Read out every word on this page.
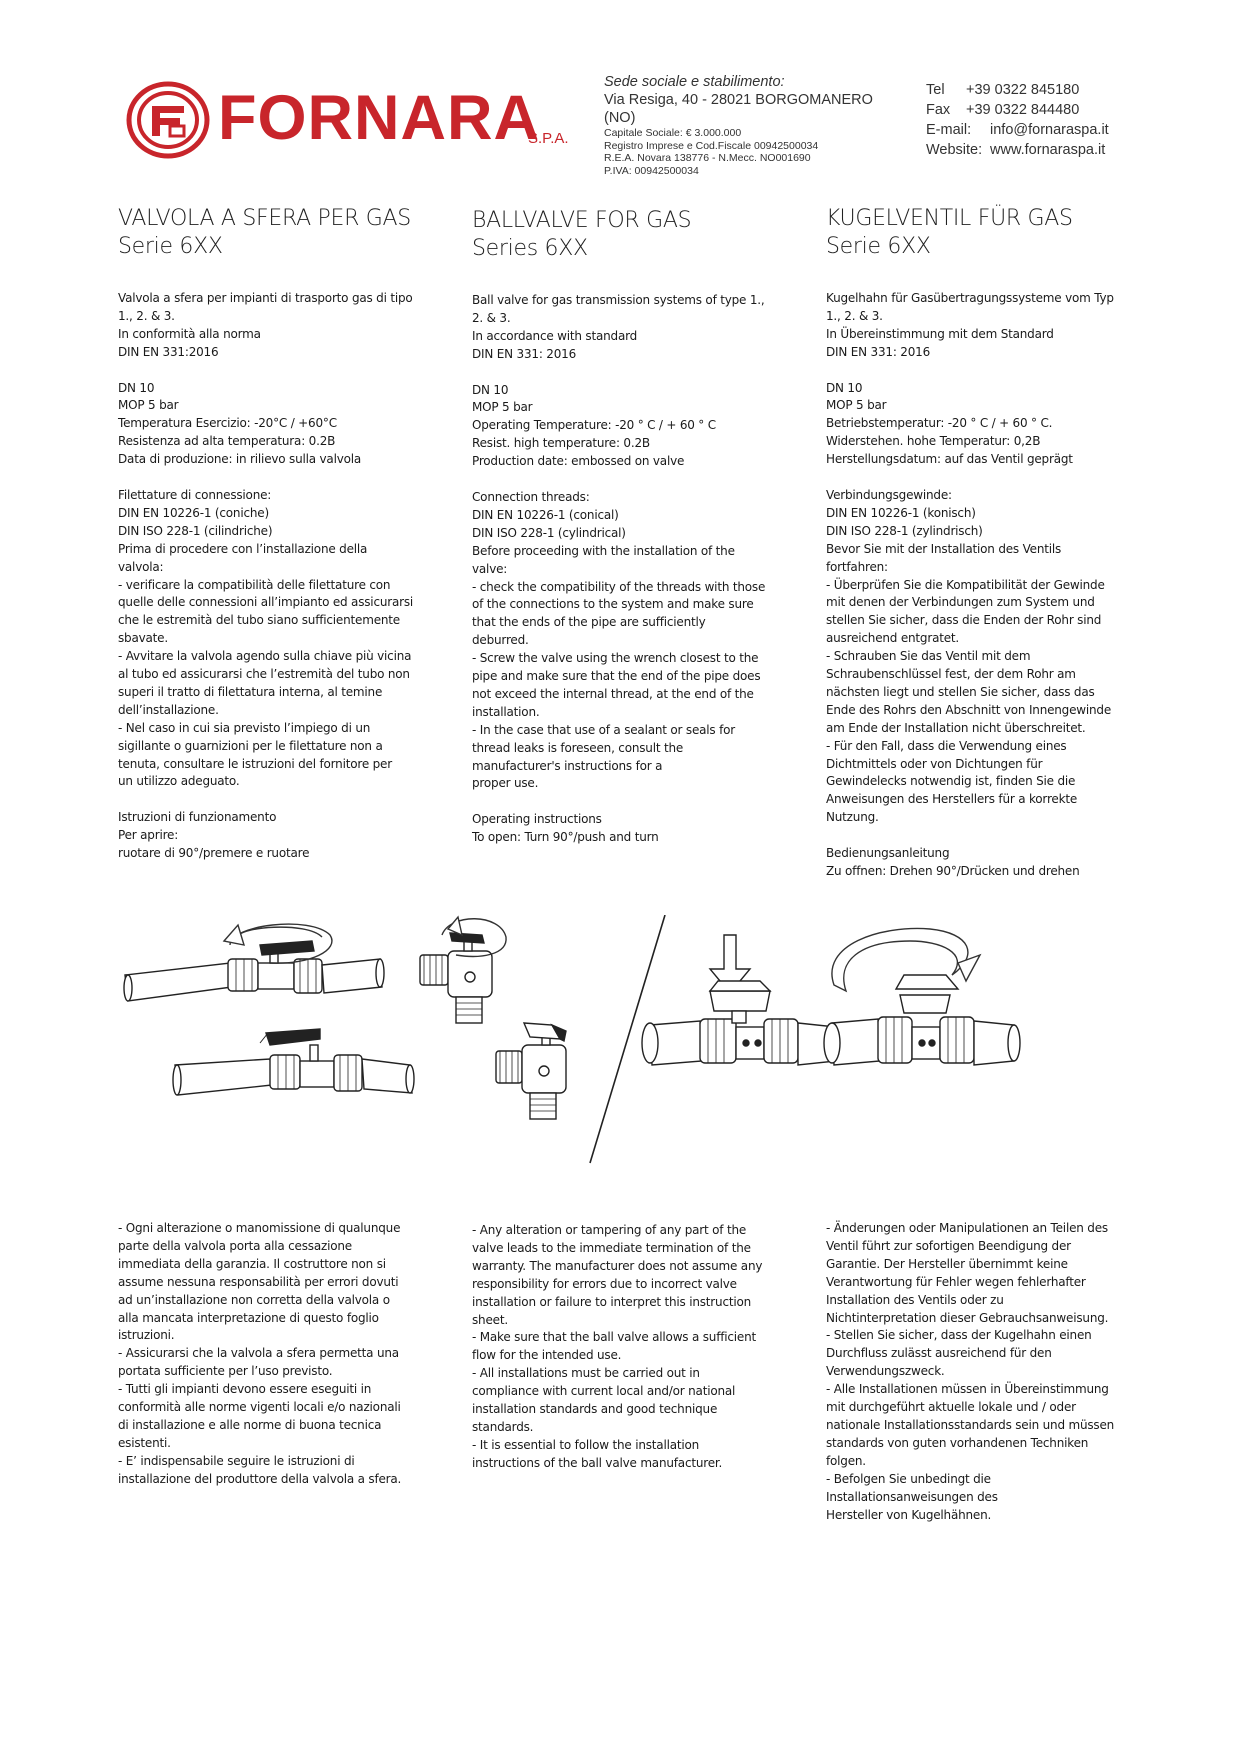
FORNARA
S.P.A.
Sede sociale e stabilimento:
Via Resiga, 40 - 28021 BORGOMANERO (NO)
Capitale Sociale: € 3.000.000
Registro Imprese e Cod.Fiscale 00942500034
R.E.A. Novara 138776 - N.Mecc. NO001690
P.IVA: 00942500034
Tel +39 0322 845180
Fax +39 0322 844480
E-mail: info@fornaraspa.it
Website: www.fornaraspa.it
VALVOLA A SFERA PER GAS
Serie 6XX
Valvola a sfera per impianti di trasporto gas di tipo
1., 2. & 3.
In conformità alla norma
DIN EN 331:2016

DN 10
MOP 5 bar
Temperatura Esercizio: -20°C / +60°C
Resistenza ad alta temperatura: 0.2B
Data di produzione: in rilievo sulla valvola

Filettature di connessione:
DIN EN 10226-1 (coniche)
DIN ISO 228-1 (cilindriche)
Prima di procedere con l’installazione della
valvola:
- verificare la compatibilità delle filettature con
quelle delle connessioni all’impianto ed assicurarsi
che le estremità del tubo siano sufficientemente
sbavate.
- Avvitare la valvola agendo sulla chiave più vicina
al tubo ed assicurarsi che l’estremità del tubo non
superi il tratto di filettatura interna, al temine
dell’installazione.
- Nel caso in cui sia previsto l’impiego di un
sigillante o guarnizioni per le filettature non a
tenuta, consultare le istruzioni del fornitore per
un utilizzo adeguato.

Istruzioni di funzionamento
Per aprire:
ruotare di 90°/premere e ruotare
BALLVALVE FOR GAS
Series 6XX
Ball valve for gas transmission systems of type 1.,
2. & 3.
In accordance with standard
DIN EN 331: 2016

DN 10
MOP 5 bar
Operating Temperature: -20 ° C / + 60 ° C
Resist. high temperature: 0.2B
Production date: embossed on valve

Connection threads:
DIN EN 10226-1 (conical)
DIN ISO 228-1 (cylindrical)
Before proceeding with the installation of the
valve:
- check the compatibility of the threads with those
of the connections to the system and make sure
that the ends of the pipe are sufficiently
deburred.
- Screw the valve using the wrench closest to the
pipe and make sure that the end of the pipe does
not exceed the internal thread, at the end of the
installation.
- In the case that use of a sealant or seals for
thread leaks is foreseen, consult the
manufacturer's instructions for a
proper use.

Operating instructions
To open: Turn 90°/push and turn
KUGELVENTIL FÜR GAS
Serie 6XX
Kugelhahn für Gasübertragungssysteme vom Typ
1., 2. & 3.
In Übereinstimmung mit dem Standard
DIN EN 331: 2016

DN 10
MOP 5 bar
Betriebstemperatur: -20 ° C / + 60 ° C.
Widerstehen. hohe Temperatur: 0,2B
Herstellungsdatum: auf das Ventil geprägt

Verbindungsgewinde:
DIN EN 10226-1 (konisch)
DIN ISO 228-1 (zylindrisch)
Bevor Sie mit der Installation des Ventils
fortfahren:
- Überprüfen Sie die Kompatibilität der Gewinde
mit denen der Verbindungen zum System und
stellen Sie sicher, dass die Enden der Rohr sind
ausreichend entgratet.
- Schrauben Sie das Ventil mit dem
Schraubenschlüssel fest, der dem Rohr am
nächsten liegt und stellen Sie sicher, dass das
Ende des Rohrs den Abschnitt von Innengewinde
am Ende der Installation nicht überschreitet.
- Für den Fall, dass die Verwendung eines
Dichtmittels oder von Dichtungen für
Gewindelecks notwendig ist, finden Sie die
Anweisungen des Herstellers für a korrekte
Nutzung.

Bedienungsanleitung
Zu offnen: Drehen 90°/Drücken und drehen
- Ogni alterazione o manomissione di qualunque
parte della valvola porta alla cessazione
immediata della garanzia. Il costruttore non si
assume nessuna responsabilità per errori dovuti
ad un’installazione non corretta della valvola o
alla mancata interpretazione di questo foglio
istruzioni.
- Assicurarsi che la valvola a sfera permetta una
portata sufficiente per l’uso previsto.
- Tutti gli impianti devono essere eseguiti in
conformità alle norme vigenti locali e/o nazionali
di installazione e alle norme di buona tecnica
esistenti.
- E’ indispensabile seguire le istruzioni di
installazione del produttore della valvola a sfera.
- Any alteration or tampering of any part of the
valve leads to the immediate termination of the
warranty. The manufacturer does not assume any
responsibility for errors due to incorrect valve
installation or failure to interpret this instruction
sheet.
- Make sure that the ball valve allows a sufficient
flow for the intended use.
- All installations must be carried out in
compliance with current local and/or national
installation standards and good technique
standards.
- It is essential to follow the installation
instructions of the ball valve manufacturer.
- Änderungen oder Manipulationen an Teilen des
Ventil führt zur sofortigen Beendigung der
Garantie. Der Hersteller übernimmt keine
Verantwortung für Fehler wegen fehlerhafter
Installation des Ventils oder zu
Nichtinterpretation dieser Gebrauchsanweisung.
- Stellen Sie sicher, dass der Kugelhahn einen
Durchfluss zulässt ausreichend für den
Verwendungszweck.
- Alle Installationen müssen in Übereinstimmung
mit durchgeführt aktuelle lokale und / oder
nationale Installationsstandards sein und müssen
standards von guten vorhandenen Techniken
folgen.
- Befolgen Sie unbedingt die
Installationsanweisungen des
Hersteller von Kugelhähnen.
